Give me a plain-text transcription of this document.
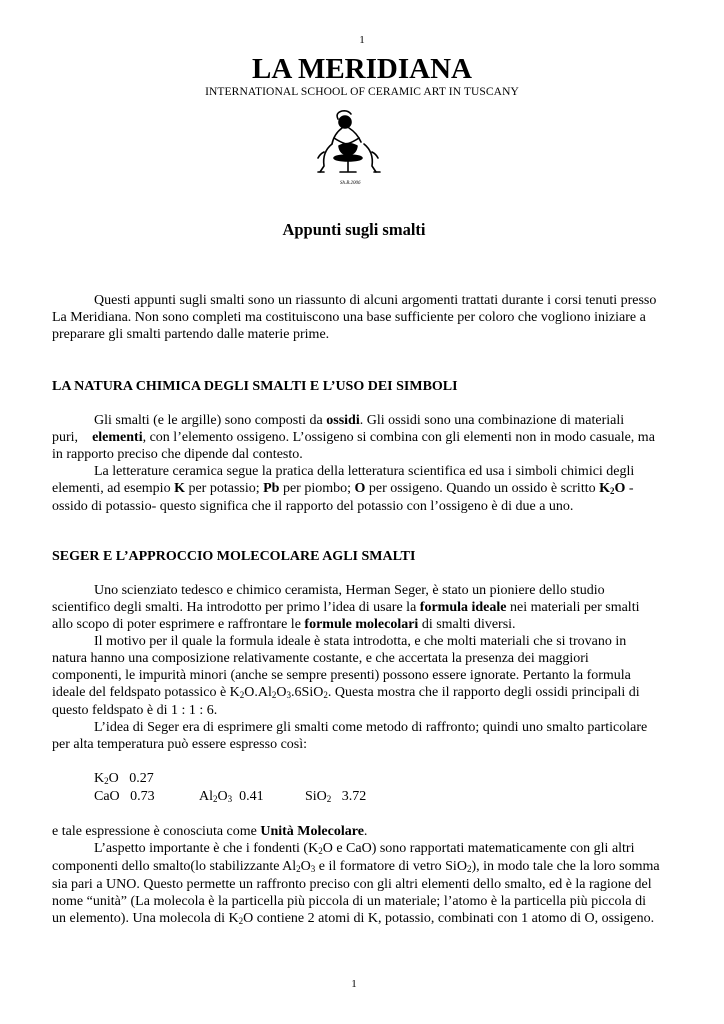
1
LA MERIDIANA
INTERNATIONAL SCHOOL OF CERAMIC ART IN TUSCANY
Sh.B.2006
Appunti sugli smalti

Questi appunti sugli smalti sono un riassunto di alcuni argomenti trattati durante i corsi tenuti presso La Meridiana. Non sono completi ma costituiscono una base sufficiente per coloro che vogliono iniziare a preparare gli smalti partendo dalle materie prime.

LA NATURA CHIMICA DEGLI SMALTI E L’USO DEI SIMBOLI

Gli smalti (e le argille) sono composti da ossidi. Gli ossidi sono una combinazione di materiali puri, elementi, con l’elemento ossigeno. L’ossigeno si combina con gli elementi non in modo casuale, ma in rapporto preciso che dipende dal contesto.

La letterature ceramica segue la pratica della letteratura scientifica ed usa i simboli chimici degli elementi, ad esempio K per potassio; Pb per piombo; O per ossigeno. Quando un ossido è scritto $K_2O$ -ossido di potassio- questo significa che il rapporto del potassio con l’ossigeno è di due a uno.

SEGER E L’APPROCCIO MOLECOLARE AGLI SMALTI

Uno scienziato tedesco e chimico ceramista, Herman Seger, è stato un pioniere dello studio scientifico degli smalti. Ha introdotto per primo l’idea di usare la formula ideale nei materiali per smalti allo scopo di poter esprimere e raffrontare le formule molecolari di smalti diversi.

Il motivo per il quale la formula ideale è stata introdotta, e che molti materiali che si trovano in natura hanno una composizione relativamente costante, e che accertata la presenza dei maggiori componenti, le impurità minori (anche se sempre presenti) possono essere ignorate. Pertanto la formula ideale del feldspato potassico è $K_2O.Al_2O_3.6SiO_2$. Questa mostra che il rapporto degli ossidi principali di questo feldspato è di 1 : 1 : 6.

L’idea di Seger era di esprimere gli smalti come metodo di raffronto; quindi uno smalto particolare per alta temperatura può essere espresso così:

$K_2O$ 0.27
CaO 0.73	$Al_2O_3$ 0.41	SiO$_2$ 3.72

e tale espressione è conosciuta come Unità Molecolare.

L’aspetto importante è che i fondenti ($K_2O$ e CaO) sono rapportati matematicamente con gli altri componenti dello smalto(lo stabilizzante $Al_2O_3$ e il formatore di vetro SiO$_2$), in modo tale che la loro somma sia pari a UNO. Questo permette un raffronto preciso con gli altri elementi dello smalto, ed è la ragione del nome “unità” (La molecola è la particella più piccola di un materiale; l’atomo è la particella più piccola di un elemento). Una molecola di $K_2O$ contiene 2 atomi di K, potassio, combinati con 1 atomo di O, ossigeno.

1
